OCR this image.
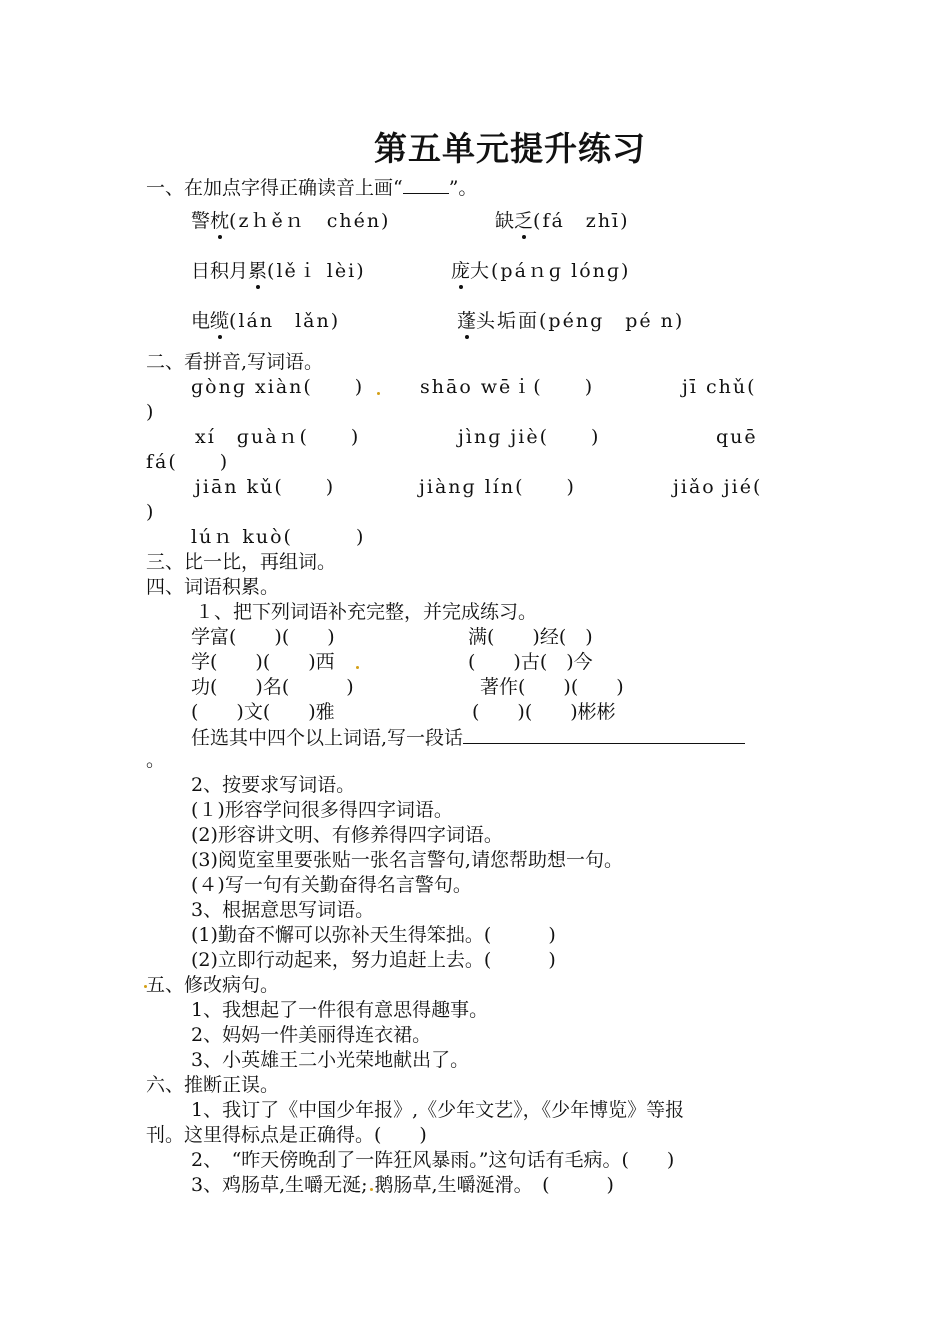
第五单元提升练习
一、在加点字得正确读音上画“ ”。
警枕(zｈěｎ　chén)	缺乏(fá　zhī)
日积月累(lěｉ lèi)	庞大(páｎɡ lónɡ)
电缆(lán　lǎn)	蓬头垢面(péng　pé n)
二、看拼音,写词语。
ɡònɡ xiàn(　　)	shāo wēｉ(　　)	jī chǔ(
)
xí　ɡuàｎ(　　)	jìnɡ jiè(　　)	quē
fá(　　)
jiān kǔ(　　)	jiànɡ lín(　　)	jiǎo jié(
)
lúｎ kuò(　　　)
三、比一比，再组词。
四、词语积累。
１、把下列词语补充完整，并完成练习。
学富(　　)(　　)	满(　　)经(　)
学(　　)(　　)西	(　　)古(　)今
功(　　)名(　　　)	著作(　　)(　　)
(　　)文(　　)雅	(　　)(　　)彬彬
任选其中四个以上词语,写一段话
。
2、按要求写词语。
(１)形容学问很多得四字词语。
(2)形容讲文明、有修养得四字词语。
(3)阅览室里要张贴一张名言警句,请您帮助想一句。
(４)写一句有关勤奋得名言警句。
3、根据意思写词语。
(1)勤奋不懈可以弥补天生得笨拙。(　　　)
(2)立即行动起来，努力追赶上去。(　　　)
五、修改病句。
1、我想起了一件很有意思得趣事。
2、妈妈一件美丽得连衣裙。
3、小英雄王二小光荣地献出了。
六、推断正误。
1、我订了《中国少年报》,《少年文艺》，《少年博览》等报
刊。这里得标点是正确得。(　　)
2、　“昨天傍晚刮了一阵狂风暴雨。”这句话有毛病。(　　)
3、鸡肠草,生嚼无涎; 鹅肠草,生嚼涎滑。　(　　　)
